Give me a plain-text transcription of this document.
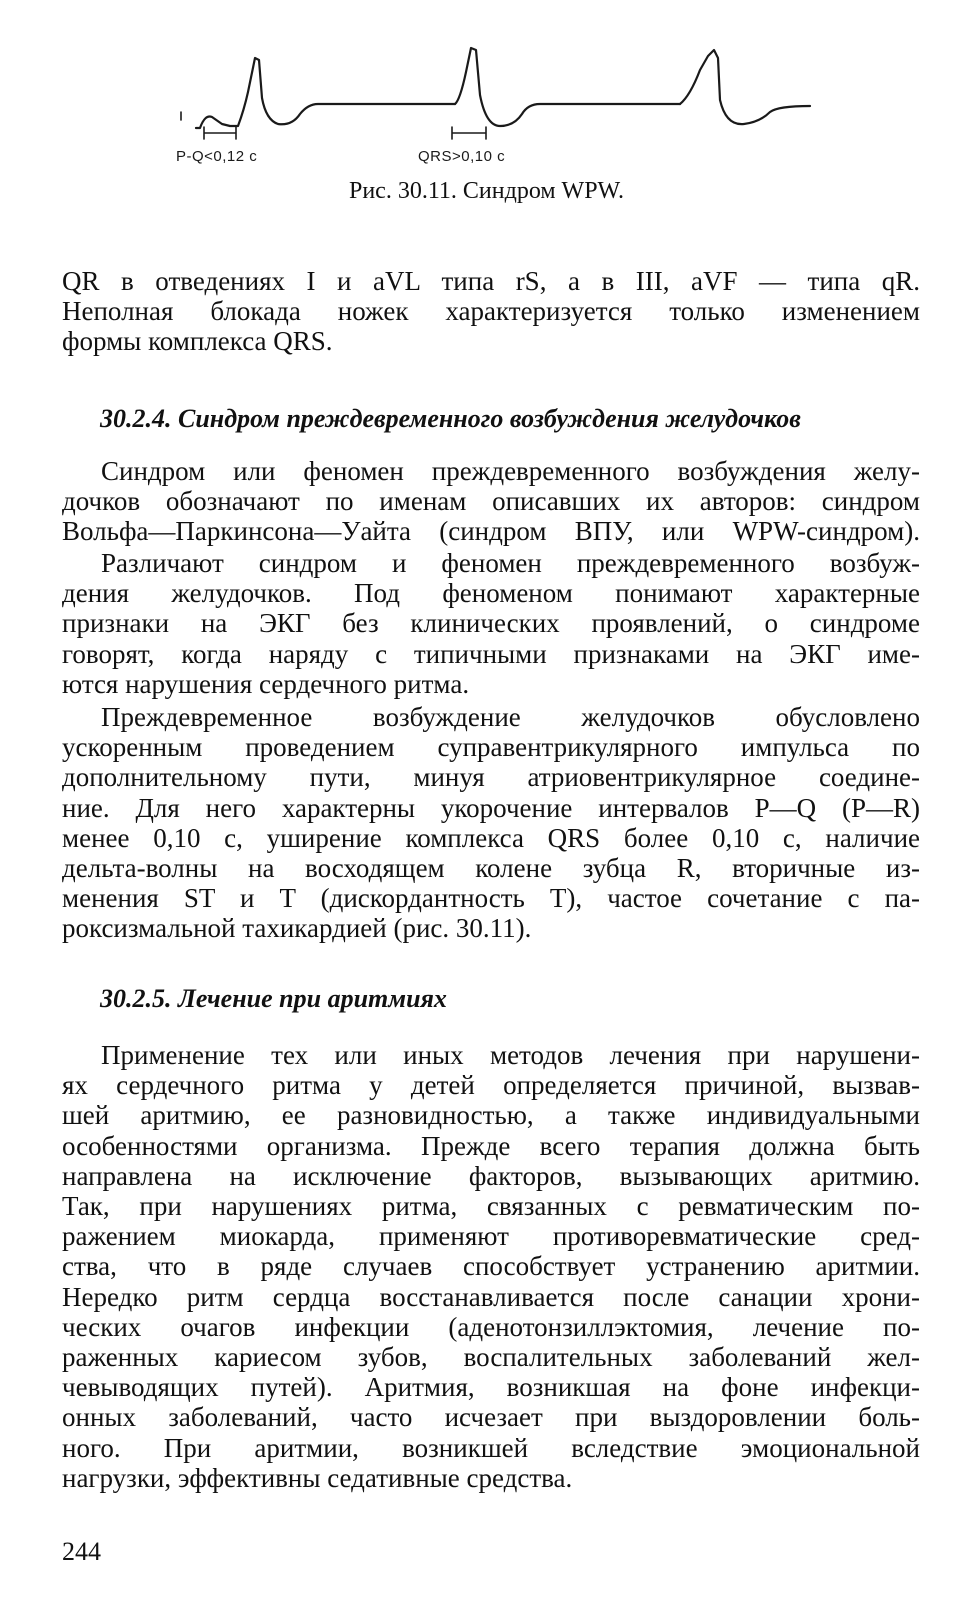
P‑Q<0,12 с	QRS>0,10 с
Рис. 30.11. Синдром WPW.
QR в отведениях I и aVL типа rS, а в III, aVF — типа qR.
Неполная блокада ножек характеризуется только изменением
формы комплекса QRS.
30.2.4. Синдром преждевременного возбуждения желудочков
Синдром или феномен преждевременного возбуждения желу-
дочков обозначают по именам описавших их авторов: синдром
Вольфа—Паркинсона—Уайта (синдром ВПУ, или WPW-синдром).
Различают синдром и феномен преждевременного возбуж-
дения желудочков. Под феноменом понимают характерные
признаки на ЭКГ без клинических проявлений, о синдроме
говорят, когда наряду с типичными признаками на ЭКГ име-
ются нарушения сердечного ритма.
Преждевременное возбуждение желудочков обусловлено
ускоренным проведением суправентрикулярного импульса по
дополнительному пути, минуя атриовентрикулярное соедине-
ние. Для него характерны укорочение интервалов P—Q (P—R)
менее 0,10 с, уширение комплекса QRS более 0,10 с, наличие
дельта-волны на восходящем колене зубца R, вторичные из-
менения ST и T (дискордантность T), частое сочетание с па-
роксизмальной тахикардией (рис. 30.11).
30.2.5. Лечение при аритмиях
Применение тех или иных методов лечения при нарушени-
ях сердечного ритма у детей определяется причиной, вызвав-
шей аритмию, ее разновидностью, а также индивидуальными
особенностями организма. Прежде всего терапия должна быть
направлена на исключение факторов, вызывающих аритмию.
Так, при нарушениях ритма, связанных с ревматическим по-
ражением миокарда, применяют противоревматические сред-
ства, что в ряде случаев способствует устранению аритмии.
Нередко ритм сердца восстанавливается после санации хрони-
ческих очагов инфекции (аденотонзиллэктомия, лечение по-
раженных кариесом зубов, воспалительных заболеваний жел-
чевыводящих путей). Аритмия, возникшая на фоне инфекци-
онных заболеваний, часто исчезает при выздоровлении боль-
ного. При аритмии, возникшей вследствие эмоциональной
нагрузки, эффективны седативные средства.
244
